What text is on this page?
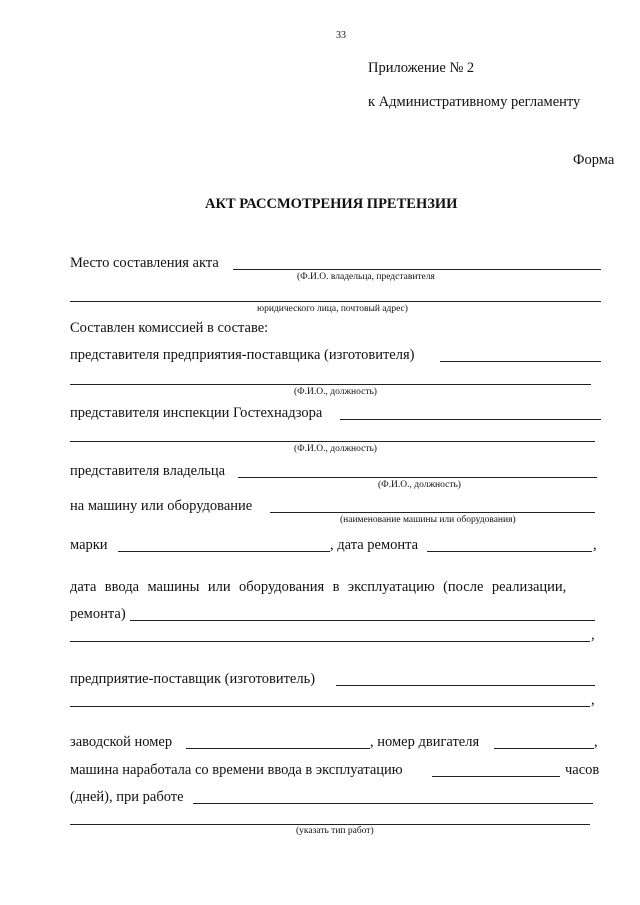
33
Приложение № 2
к Административному регламенту
Форма
АКТ РАССМОТРЕНИЯ ПРЕТЕНЗИИ
Место составления акта
(Ф.И.О. владельца, представителя
юридического лица, почтовый адрес)
Составлен комиссией в составе:
представителя предприятия-поставщика (изготовителя)
(Ф.И.О., должность)
представителя инспекции Гостехнадзора
(Ф.И.О., должность)
представителя владельца
(Ф.И.О., должность)
на машину или оборудование
(наименование машины или оборудования)
марки	, дата ремонта	,
дата ввода машины или оборудования в эксплуатацию (после реализации,
ремонта)
,
предприятие-поставщик (изготовитель)
,
заводской номер	, номер двигателя	,
машина наработала со времени ввода в эксплуатацию	часов
(дней), при работе
(указать тип работ)
